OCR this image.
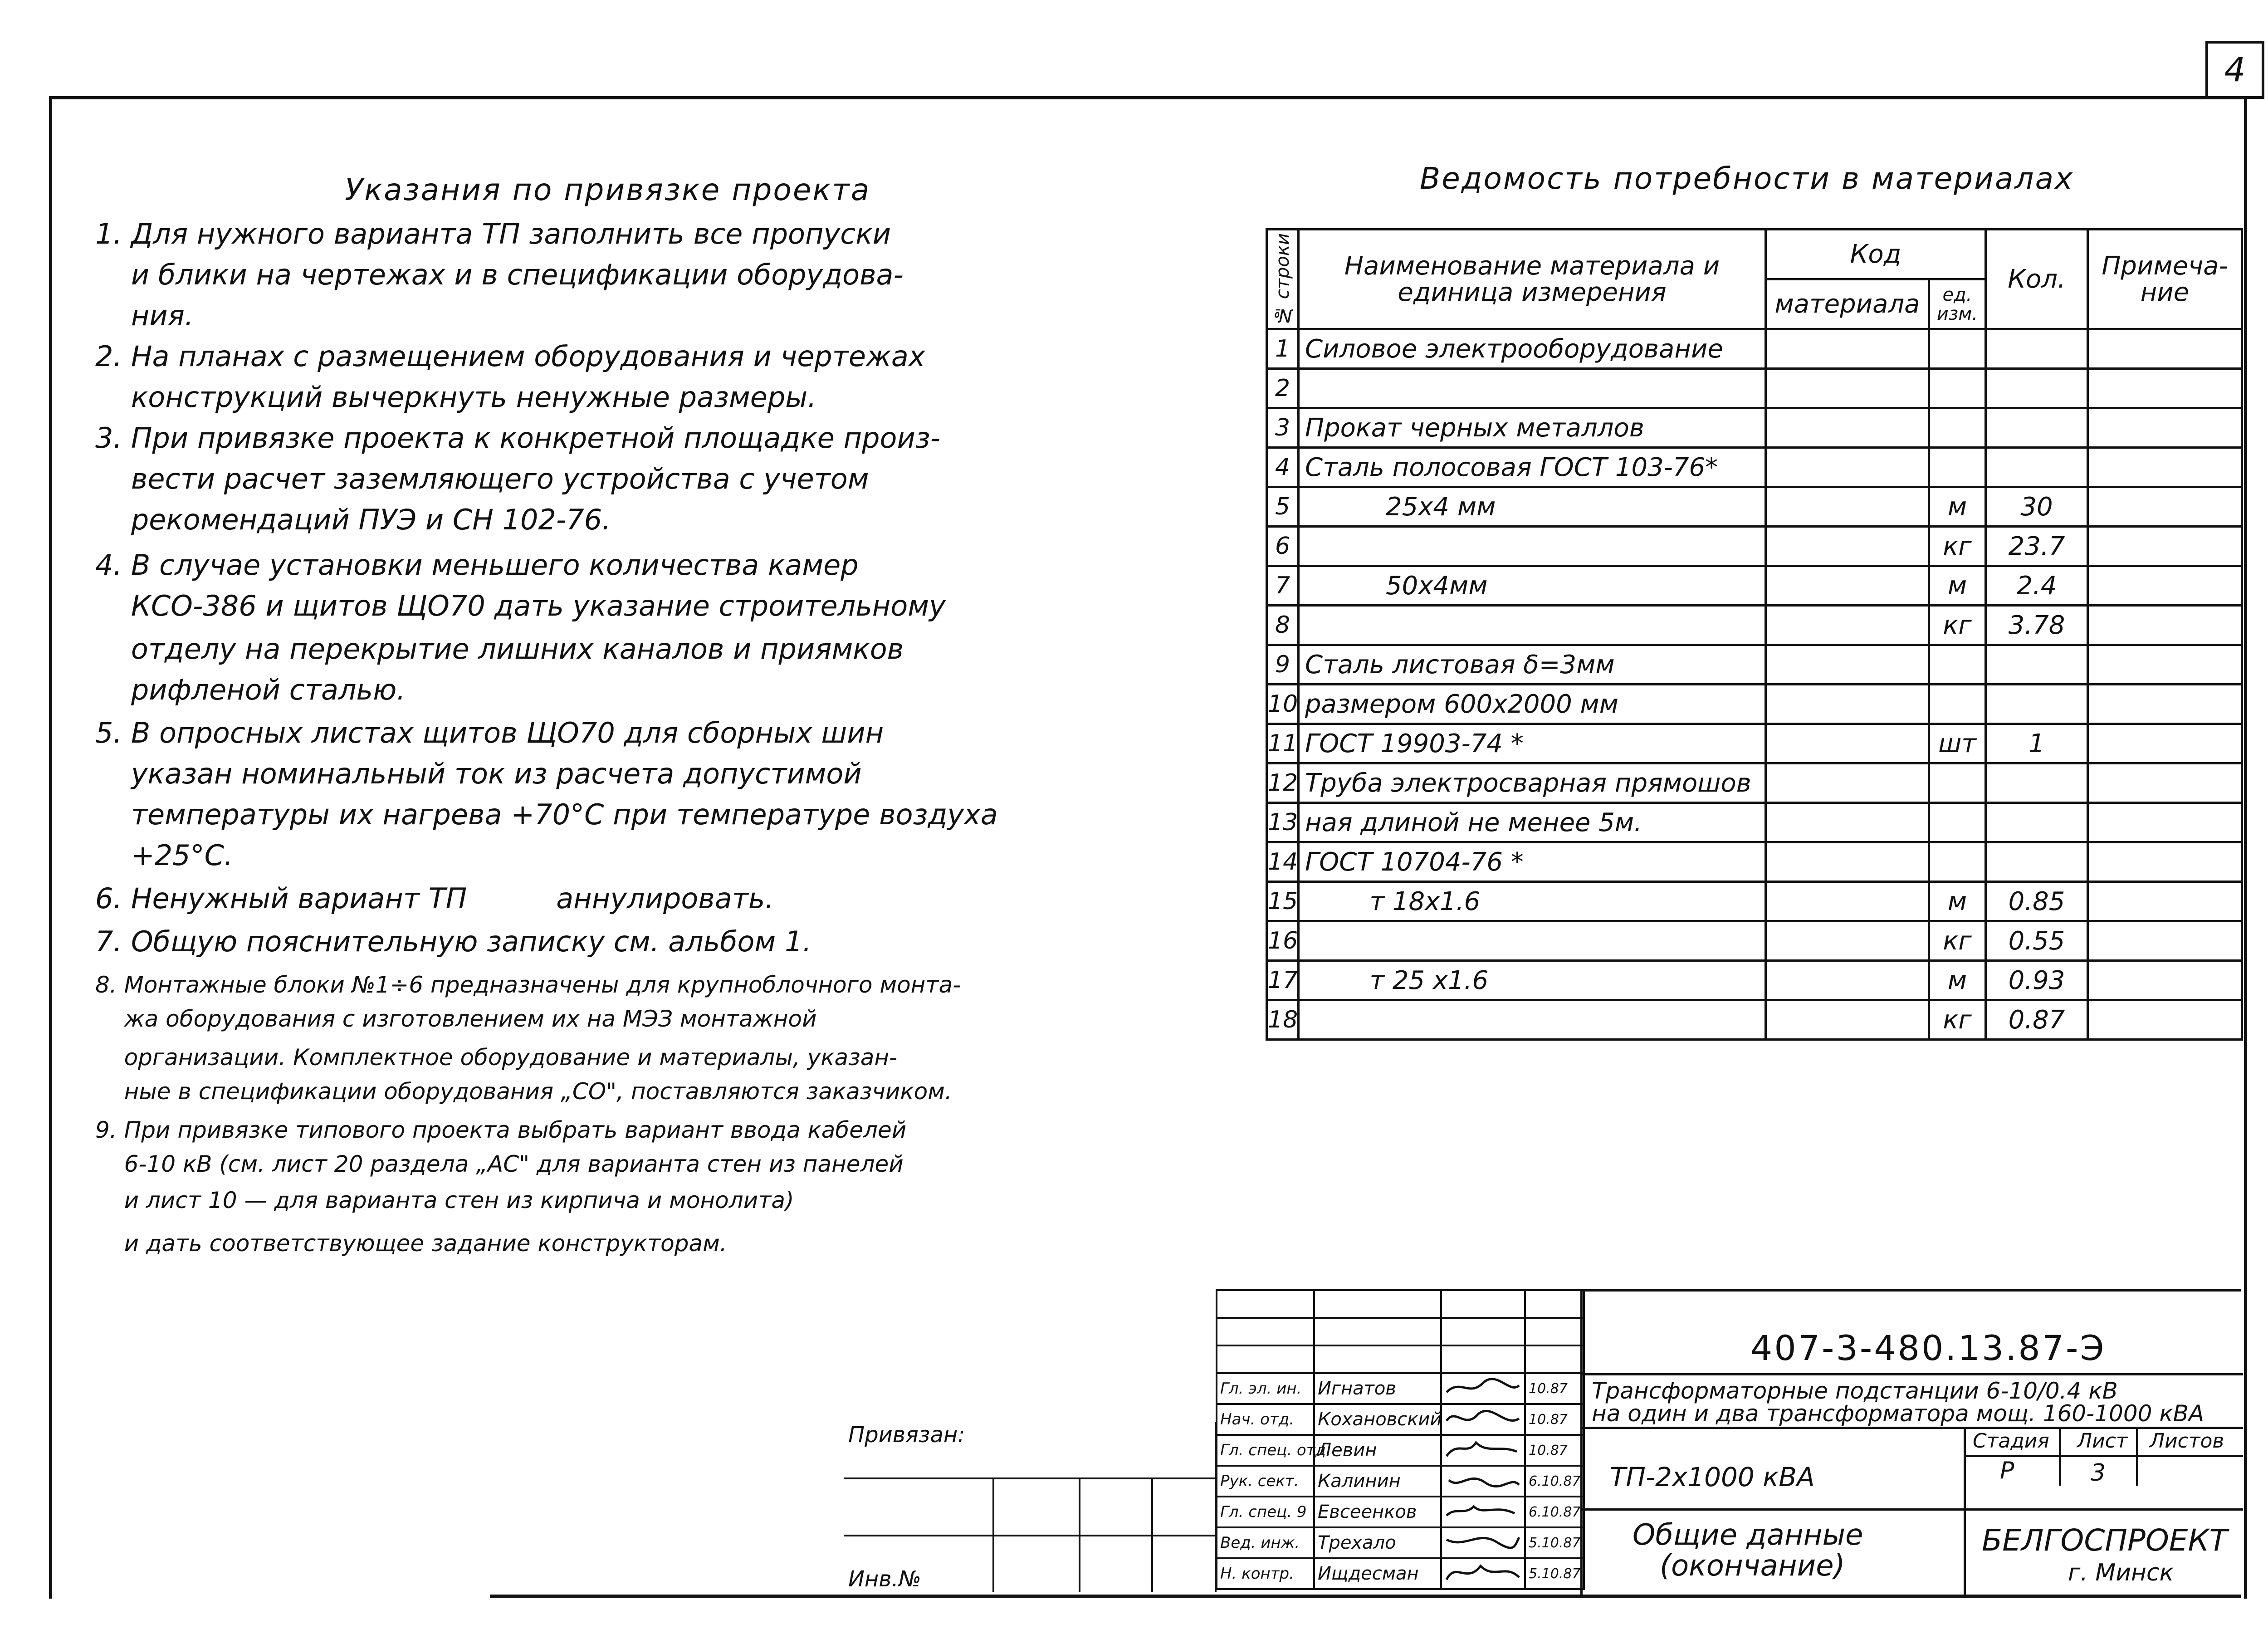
4
Указания по привязке проекта
1. Для нужного варианта ТП заполнить все пропуски
и блики на чертежах и в спецификации оборудова-
ния.
2. На планах с размещением оборудования и чертежах
конструкций вычеркнуть ненужные размеры.
3. При привязке проекта к конкретной площадке произ-
вести расчет заземляющего устройства с учетом
рекомендаций ПУЭ и СН 102-76.
4. В случае установки меньшего количества камер
КСО-386 и щитов ЩО70 дать указание строительному
отделу на перекрытие лишних каналов и приямков
рифленой сталью.
5. В опросных листах щитов ЩО70 для сборных шин
указан номинальный ток из расчета допустимой
температуры их нагрева +70°С при температуре воздуха
+25°С.
6. Ненужный вариант ТП          аннулировать.
7. Общую пояснительную записку см. альбом 1.
8. Монтажные блоки №1÷6 предназначены для крупноблочного монта-
жа оборудования с изготовлением их на МЭЗ монтажной
организации. Комплектное оборудование и материалы, указан-
ные в спецификации оборудования „СО", поставляются заказчиком.
9. При привязке типового проекта выбрать вариант ввода кабелей
6-10 кВ (см. лист 20 раздела „АС" для варианта стен из панелей
и лист 10 — для варианта стен из кирпича и монолита)
и дать соответствующее задание конструкторам.
Ведомость потребности в материалах
№ строки	Наименование материала и единица измерения	Код		Кол.	Примеча-ние
		материала	ед. изм.		
1	Силовое электрооборудование				
2					
3	Прокат черных металлов				
4	Сталь полосовая ГОСТ 103-76*				
5	25х4 мм		м	30	
6			кг	23.7	
7	50х4мм		м	2.4	
8			кг	3.78	
9	Сталь листовая δ=3мм				
10	размером 600х2000 мм				
11	ГОСТ 19903-74 *		шт	1	
12	Труба электросварная прямошов				
13	ная длиной не менее 5м.				
14	ГОСТ 10704-76 *				
15	т 18х1.6		м	0.85	
16			кг	0.55	
17	т 25 х1.6		м	0.93	
18			кг	0.87	

Гл. эл. ин.	Игнатов		10.87
Нач. отд.	Кохановский		10.87
Гл. спец. отд.	Левин		10.87
Рук. сект.	Калинин		6.10.87
Гл. спец. 9	Евсеенков		6.10.87
Вед. инж.	Трехало		5.10.87
Н. контр.	Ищдесман		5.10.87
Привязан:			

Инв.№			
407-3-480.13.87-Э
Трансформаторные подстанции 6-10/0.4 кВ
на один и два трансформатора мощ. 160-1000 кВА
ТП-2х1000 кВА
Стадия Лист Листов
Р	3
Общие данные
(окончание)
БЕЛГОСПРОЕКТ
г. Минск
